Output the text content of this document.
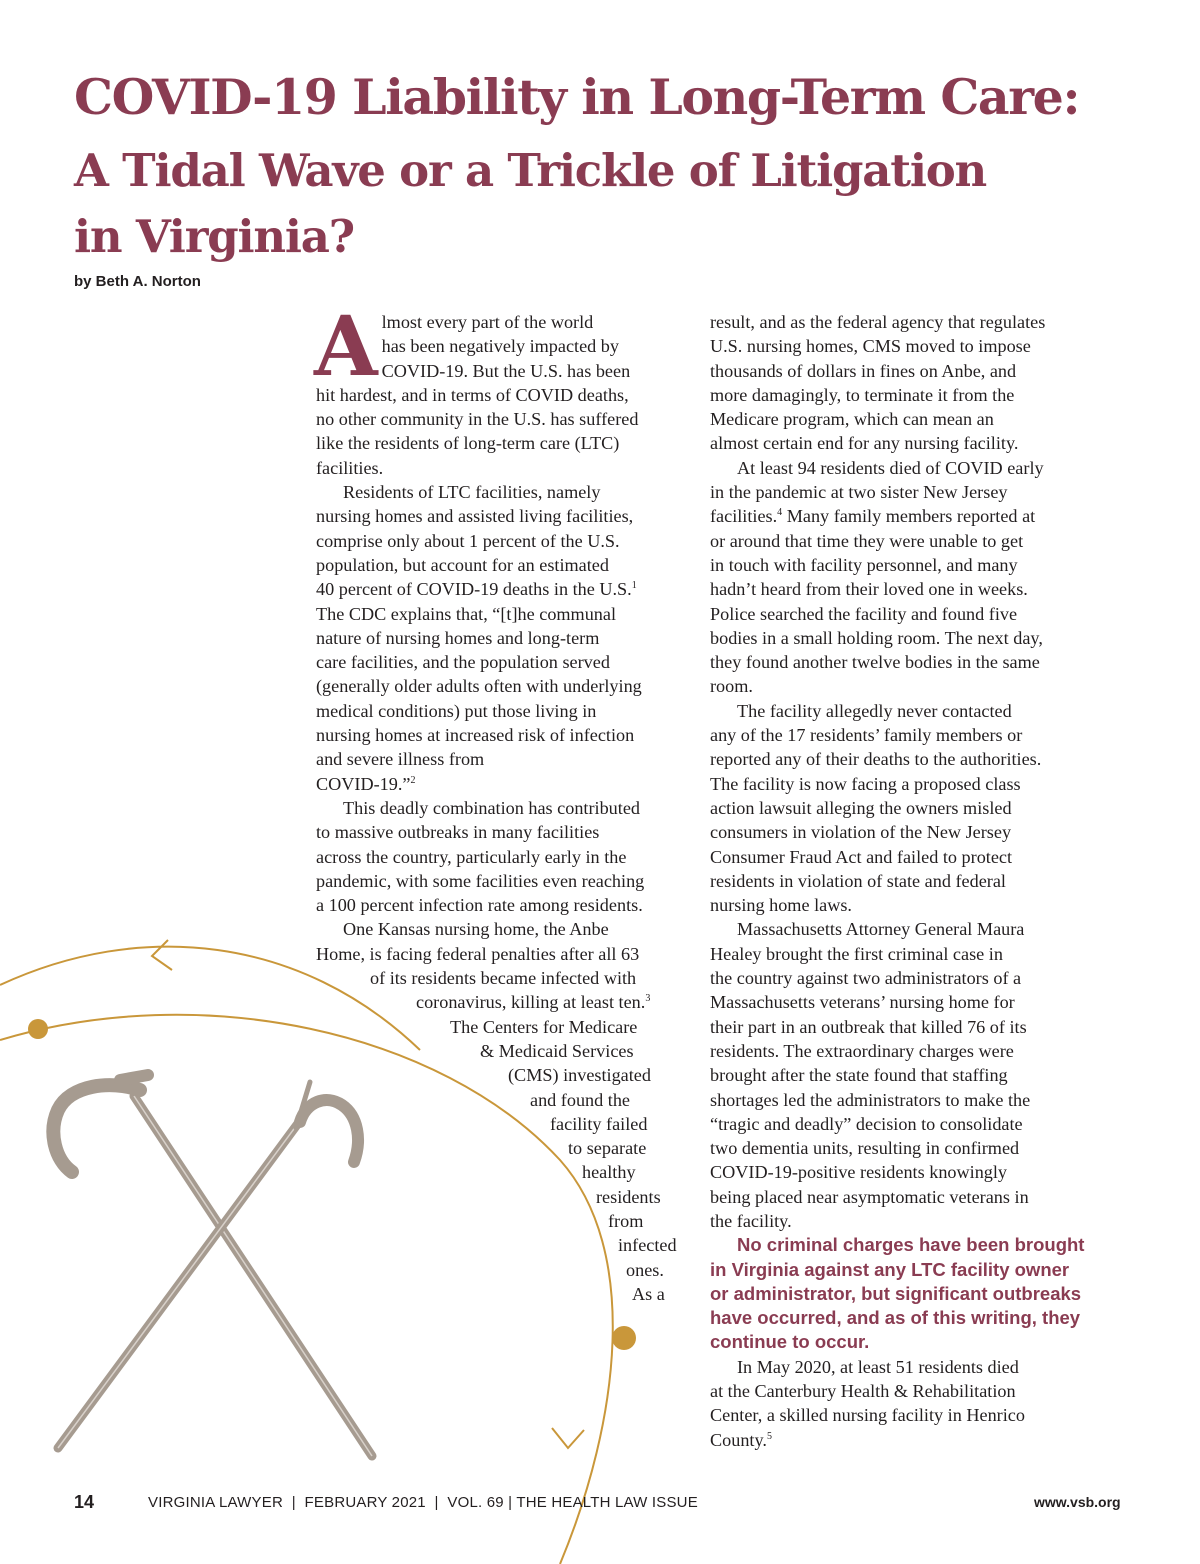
COVID-19 Liability in Long-Term Care:
A Tidal Wave or a Trickle of Litigation
in Virginia?
by Beth A. Norton

A lmost every part of the world
has been negatively impacted by
COVID-19. But the U.S. has been
hit hardest, and in terms of COVID deaths,
no other community in the U.S. has suffered
like the residents of long-term care (LTC)
facilities.

Residents of LTC facilities, namely
nursing homes and assisted living facilities,
comprise only about 1 percent of the U.S.
population, but account for an estimated
40 percent of COVID-19 deaths in the U.S.$^1$
The CDC explains that, “[t]he communal
nature of nursing homes and long-term
care facilities, and the population served
(generally older adults often with underlying
medical conditions) put those living in
nursing homes at increased risk of infection
and severe illness from
COVID-19.”$^2$

This deadly combination has contributed
to massive outbreaks in many facilities
across the country, particularly early in the
pandemic, with some facilities even reaching
a 100 percent infection rate among residents.

One Kansas nursing home, the Anbe
Home, is facing federal penalties after all 63
of its residents became infected with
coronavirus, killing at least ten.$^3$
The Centers for Medicare
& Medicaid Services
(CMS) investigated
and found the
facility failed
to separate
healthy
residents
from
infected
ones.
As a

result, and as the federal agency that regulates
U.S. nursing homes, CMS moved to impose
thousands of dollars in fines on Anbe, and
more damagingly, to terminate it from the
Medicare program, which can mean an
almost certain end for any nursing facility.

At least 94 residents died of COVID early
in the pandemic at two sister New Jersey
facilities.$^4$ Many family members reported at
or around that time they were unable to get
in touch with facility personnel, and many
hadn’t heard from their loved one in weeks.
Police searched the facility and found five
bodies in a small holding room. The next day,
they found another twelve bodies in the same
room.

The facility allegedly never contacted
any of the 17 residents’ family members or
reported any of their deaths to the authorities.
The facility is now facing a proposed class
action lawsuit alleging the owners misled
consumers in violation of the New Jersey
Consumer Fraud Act and failed to protect
residents in violation of state and federal
nursing home laws.

Massachusetts Attorney General Maura
Healey brought the first criminal case in
the country against two administrators of a
Massachusetts veterans’ nursing home for
their part in an outbreak that killed 76 of its
residents. The extraordinary charges were
brought after the state found that staffing
shortages led the administrators to make the
“tragic and deadly” decision to consolidate
two dementia units, resulting in confirmed
COVID-19-positive residents knowingly
being placed near asymptomatic veterans in
the facility.

No criminal charges have been brought
in Virginia against any LTC facility owner
or administrator, but significant outbreaks
have occurred, and as of this writing, they
continue to occur.

In May 2020, at least 51 residents died
at the Canterbury Health & Rehabilitation
Center, a skilled nursing facility in Henrico
County.$^5$

14	VIRGINIA LAWYER  |  FEBRUARY 2021  |  VOL. 69 | THE HEALTH LAW ISSUE	www.vsb.org
